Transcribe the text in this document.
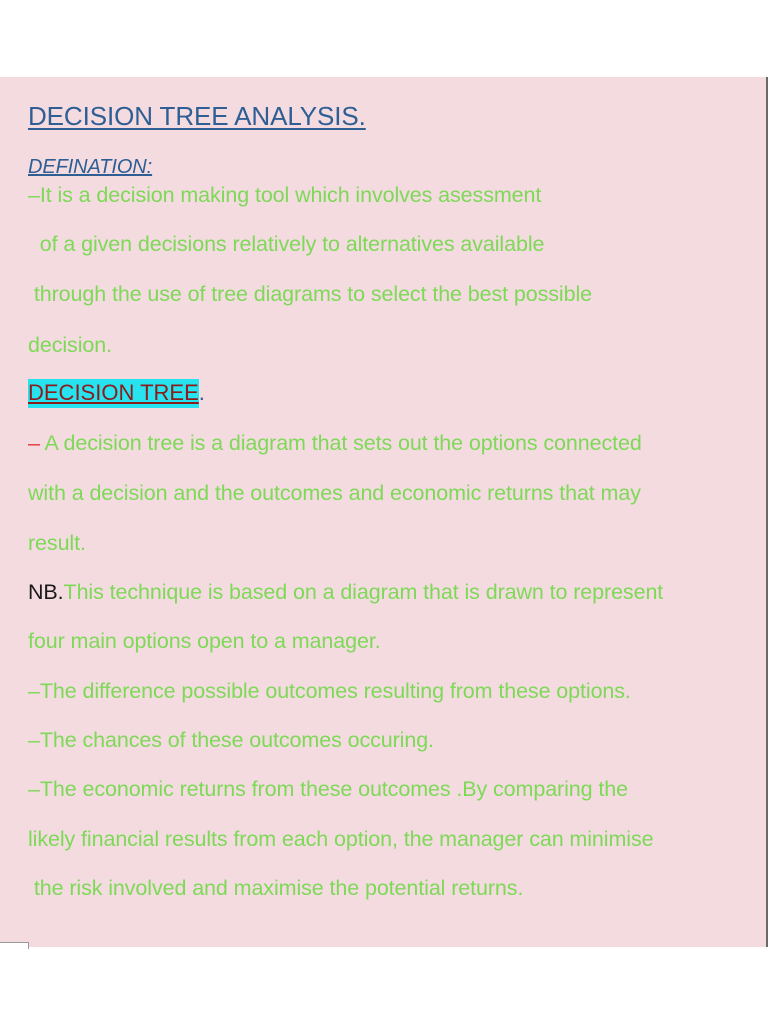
DECISION TREE ANALYSIS.
DEFINATION:
–It is a decision making tool which involves asessment
of a given decisions relatively to alternatives available
through the use of tree diagrams to select the best possible
decision.
DECISION TREE.
– A decision tree is a diagram that sets out the options connected
with a decision and the outcomes and economic returns that may
result.
NB.This technique is based on a diagram that is drawn to represent
four main options open to a manager.
–The difference possible outcomes resulting from these options.
–The chances of these outcomes occuring.
–The economic returns from these outcomes .By comparing the
likely financial results from each option, the manager can minimise
the risk involved and maximise the potential returns.
